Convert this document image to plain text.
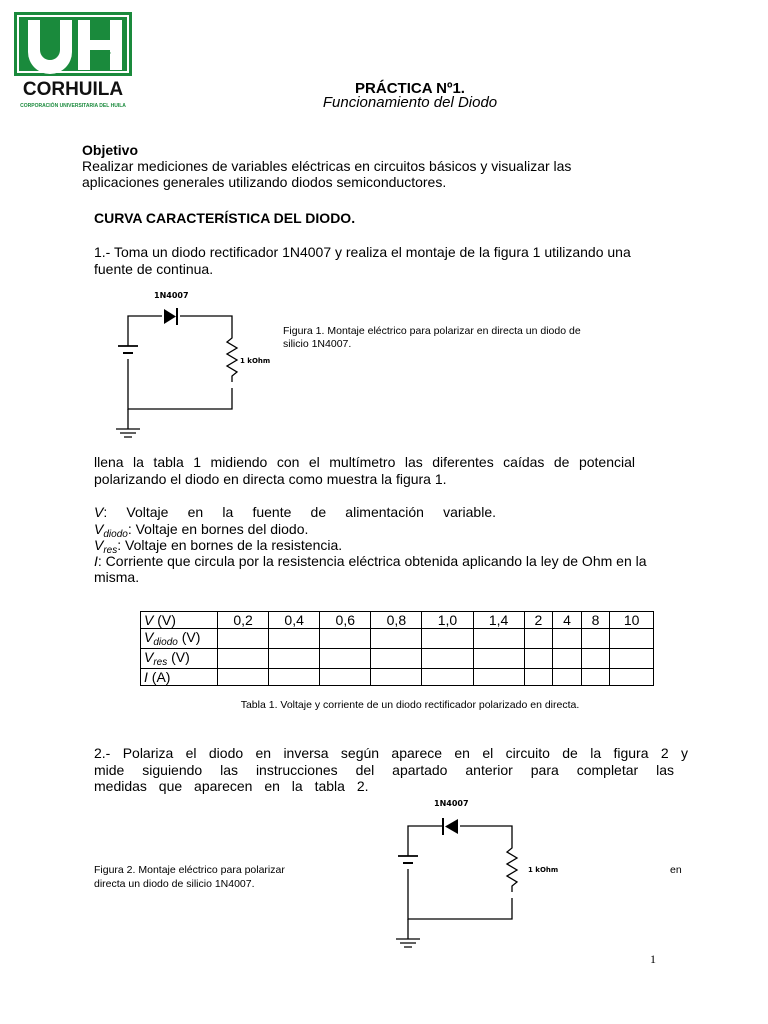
CORHUILA
CORPORACIÓN UNIVERSITARIA DEL HUILA
PRÁCTICA Nº1.
Funcionamiento del Diodo
Objetivo
Realizar mediciones de variables eléctricas en circuitos básicos y visualizar las
aplicaciones generales utilizando diodos semiconductores.
CURVA CARACTERÍSTICA DEL DIODO.
1.- Toma un diodo rectificador 1N4007 y realiza el montaje de la figura 1 utilizando una
fuente de continua.
1N4007
1 kOhm
Figura 1. Montaje eléctrico para polarizar en directa un diodo de
silicio 1N4007.
llena la tabla 1 midiendo con el multímetro las diferentes caídas de potencial
polarizando el diodo en directa como muestra la figura 1.
V : Voltaje en la fuente de alimentación variable.
$V_{diodo}$: Voltaje en bornes del diodo.
$V_{res}$: Voltaje en bornes de la resistencia.
I: Corriente que circula por la resistencia eléctrica obtenida aplicando la ley de Ohm en la
misma.
V (V)	0,2	0,4	0,6	0,8	1,0	1,4	2	4	8	10
$V_{diodo}$ (V)										
$V_{res}$ (V)										
I (A)										
Tabla 1. Voltaje y corriente de un diodo rectificador polarizado en directa.
2.- Polariza el diodo en inversa según aparece en el circuito de la figura 2 y
mide siguiendo las instrucciones del apartado anterior para completar las
medidas que aparecen en la tabla 2.
1N4007
1 kOhm
Figura 2. Montaje eléctrico para polarizar	en
directa un diodo de silicio 1N4007.
1
